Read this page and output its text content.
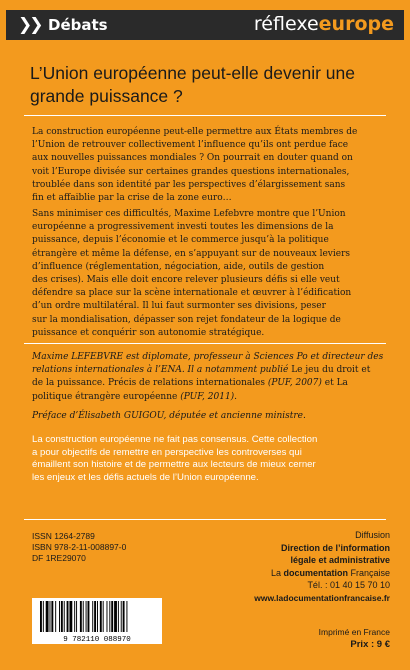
❯❯ Débats	réflexeeurope
L’Union européenne peut-elle devenir une grande puissance ?

La construction européenne peut-elle permettre aux États membres de
l’Union de retrouver collectivement l’influence qu’ils ont perdue face
aux nouvelles puissances mondiales ? On pourrait en douter quand on
voit l’Europe divisée sur certaines grandes questions internationales,
troublée dans son identité par les perspectives d’élargissement sans
fin et affaiblie par la crise de la zone euro…

Sans minimiser ces difficultés, Maxime Lefebvre montre que l’Union
européenne a progressivement investi toutes les dimensions de la
puissance, depuis l’économie et le commerce jusqu’à la politique
étrangère et même la défense, en s’appuyant sur de nouveaux leviers
d’influence (réglementation, négociation, aide, outils de gestion
des crises). Mais elle doit encore relever plusieurs défis si elle veut
défendre sa place sur la scène internationale et œuvrer à l’édification
d’un ordre multilatéral. Il lui faut surmonter ses divisions, peser
sur la mondialisation, dépasser son rejet fondateur de la logique de
puissance et conquérir son autonomie stratégique.

Maxime LEFEBVRE est diplomate, professeur à Sciences Po et directeur des
relations internationales à l’ENA. Il a notamment publié Le jeu du droit et
de la puissance. Précis de relations internationales (PUF, 2007) et La
politique étrangère européenne (PUF, 2011).

Préface d’Élisabeth GUIGOU, députée et ancienne ministre.

La construction européenne ne fait pas consensus. Cette collection
a pour objectifs de remettre en perspective les controverses qui
émaillent son histoire et de permettre aux lecteurs de mieux cerner
les enjeux et les défis actuels de l’Union européenne.

ISSN 1264-2789
ISBN 978-2-11-008897-0
DF 1RE29070
Diffusion
Direction de l’information
légale et administrative
La documentation Française
Tél. : 01 40 15 70 10
www.ladocumentationfrancaise.fr
9 782110 088970
Imprimé en France
Prix : 9 €
